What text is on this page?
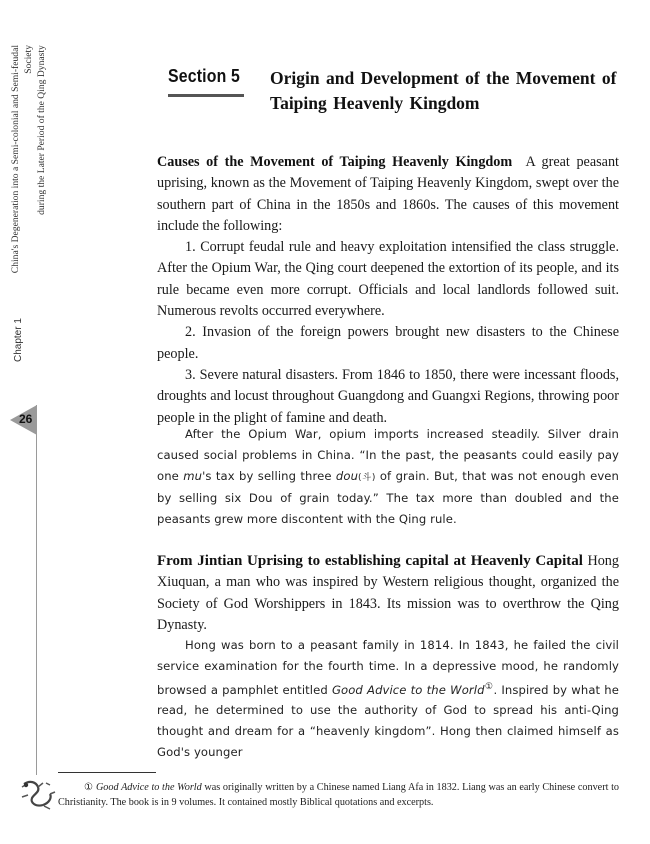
China's Degeneration into a Semi-colonial and Semi-feudal Society during the Later Period of the Qing Dynasty
Chapter 1
26
Section 5 Origin and Development of the Movement of Taiping Heavenly Kingdom

Causes of the Movement of Taiping Heavenly Kingdom A great peasant uprising, known as the Movement of Taiping Heavenly Kingdom, swept over the southern part of China in the 1850s and 1860s. The causes of this movement include the following:

1. Corrupt feudal rule and heavy exploitation intensified the class struggle. After the Opium War, the Qing court deepened the extortion of its people, and its rule became even more corrupt. Officials and local landlords followed suit. Numerous revolts occurred everywhere.

2. Invasion of the foreign powers brought new disasters to the Chinese people.

3. Severe natural disasters. From 1846 to 1850, there were incessant floods, droughts and locust throughout Guangdong and Guangxi Regions, throwing poor people in the plight of famine and death.

After the Opium War, opium imports increased steadily. Silver drain caused social problems in China. “In the past, the peasants could easily pay one mu's tax by selling three dou(斗) of grain. But, that was not enough even by selling six Dou of grain today.” The tax more than doubled and the peasants grew more discontent with the Qing rule.

From Jintian Uprising to establishing capital at Heavenly Capital Hong Xiuquan, a man who was inspired by Western religious thought, organized the Society of God Worshippers in 1843. Its mission was to overthrow the Qing Dynasty.

Hong was born to a peasant family in 1814. In 1843, he failed the civil service examination for the fourth time. In a depressive mood, he randomly browsed a pamphlet entitled Good Advice to the World①. Inspired by what he read, he determined to use the authority of God to spread his anti-Qing thought and dream for a “heavenly kingdom”. Hong then claimed himself as God's younger

① Good Advice to the World was originally written by a Chinese named Liang Afa in 1832. Liang was an early Chinese convert to Christianity. The book is in 9 volumes. It contained mostly Biblical quotations and excerpts.
